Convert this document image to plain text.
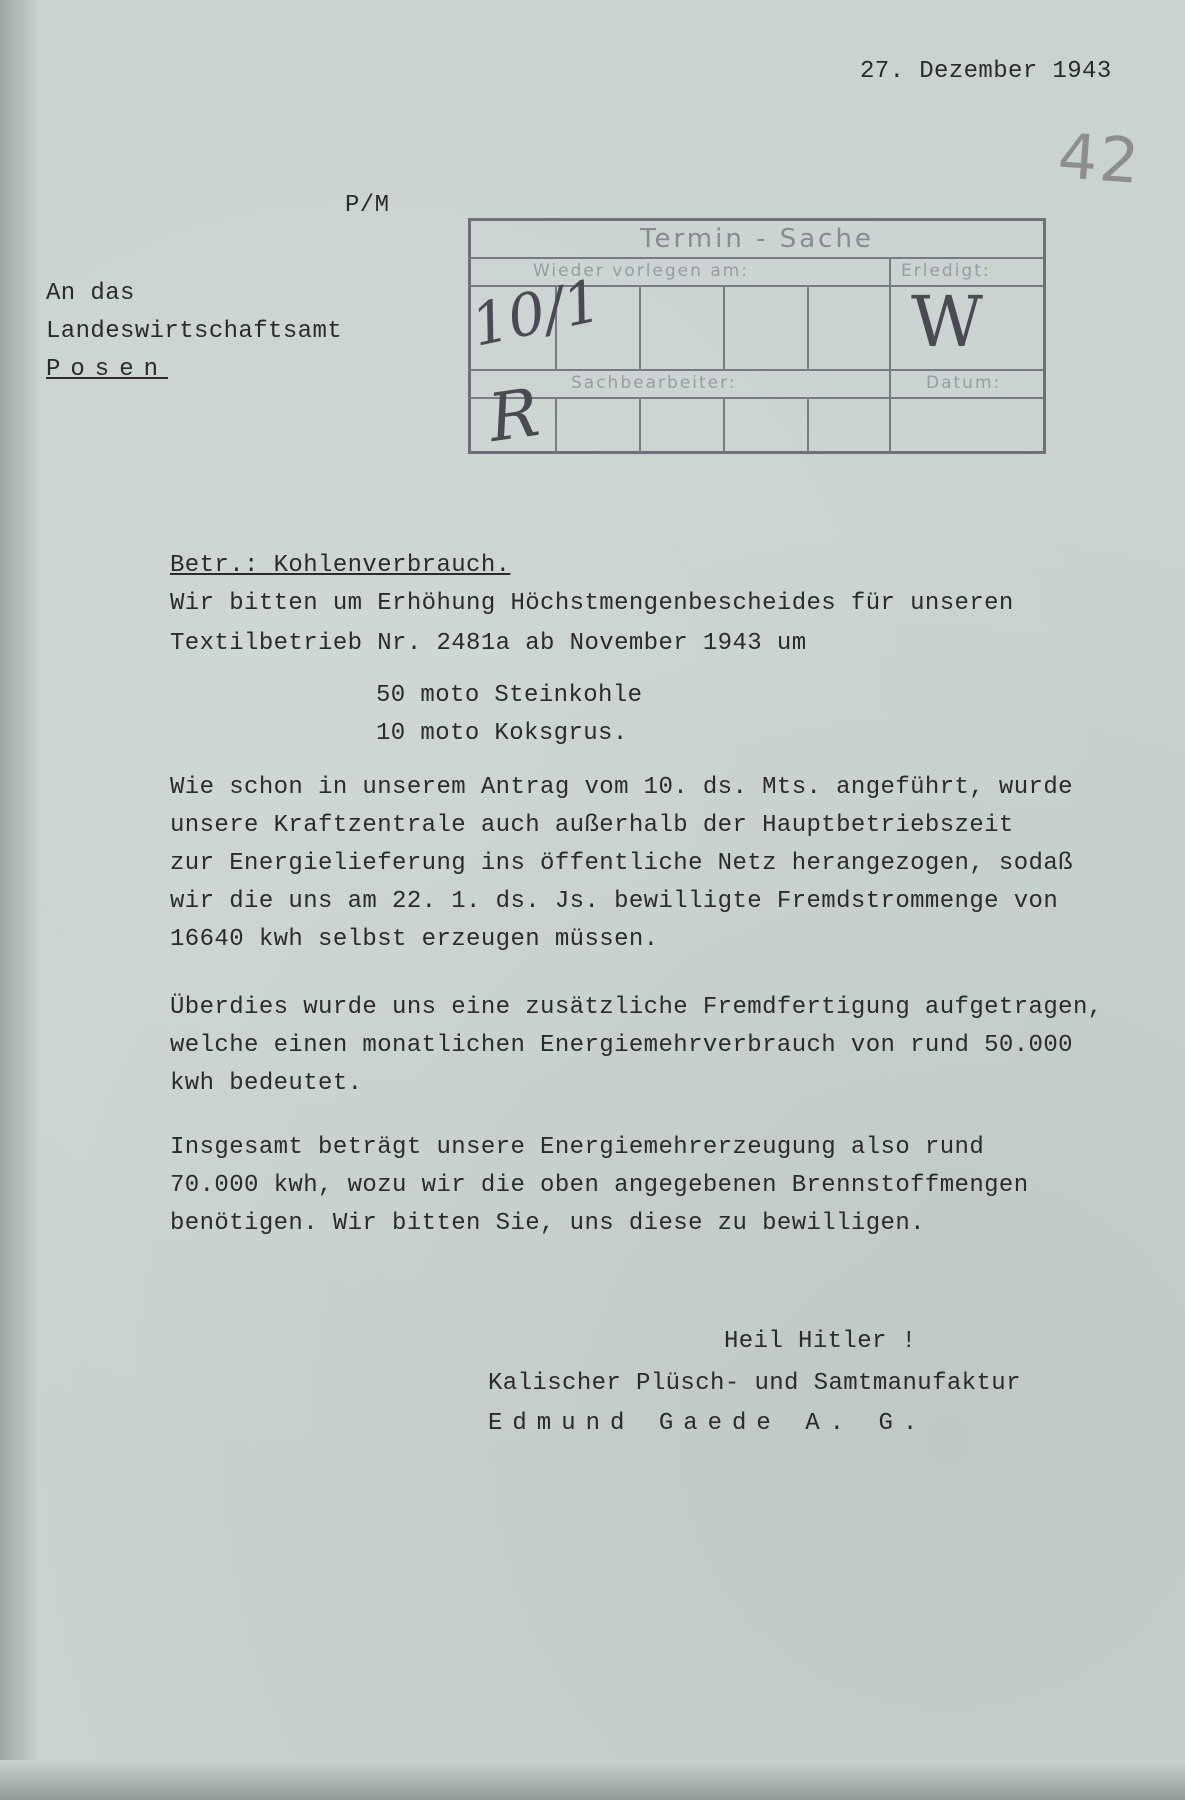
27. Dezember 1943
P/M
42
An das
Landeswirtschaftsamt
Posen
Termin - Sache
Wieder vorlegen am:	Erledigt:
Sachbearbeiter:	Datum:
10/1
R
W
Betr.: Kohlenverbrauch.
Wir bitten um Erhöhung Höchstmengenbescheides für unseren
Textilbetrieb Nr. 2481a ab November 1943 um
50 moto Steinkohle
10 moto Koksgrus.
Wie schon in unserem Antrag vom 10. ds. Mts. angeführt, wurde
unsere Kraftzentrale auch außerhalb der Hauptbetriebszeit
zur Energielieferung ins öffentliche Netz herangezogen, sodaß
wir die uns am 22. 1. ds. Js. bewilligte Fremdstrommenge von
16640 kwh selbst erzeugen müssen.
Überdies wurde uns eine zusätzliche Fremdfertigung aufgetragen,
welche einen monatlichen Energiemehrverbrauch von rund 50.000
kwh bedeutet.
Insgesamt beträgt unsere Energiemehrerzeugung also rund
70.000 kwh, wozu wir die oben angegebenen Brennstoffmengen
benötigen. Wir bitten Sie, uns diese zu bewilligen.
Heil Hitler !
Kalischer Plüsch- und Samtmanufaktur
Edmund Gaede A. G.
